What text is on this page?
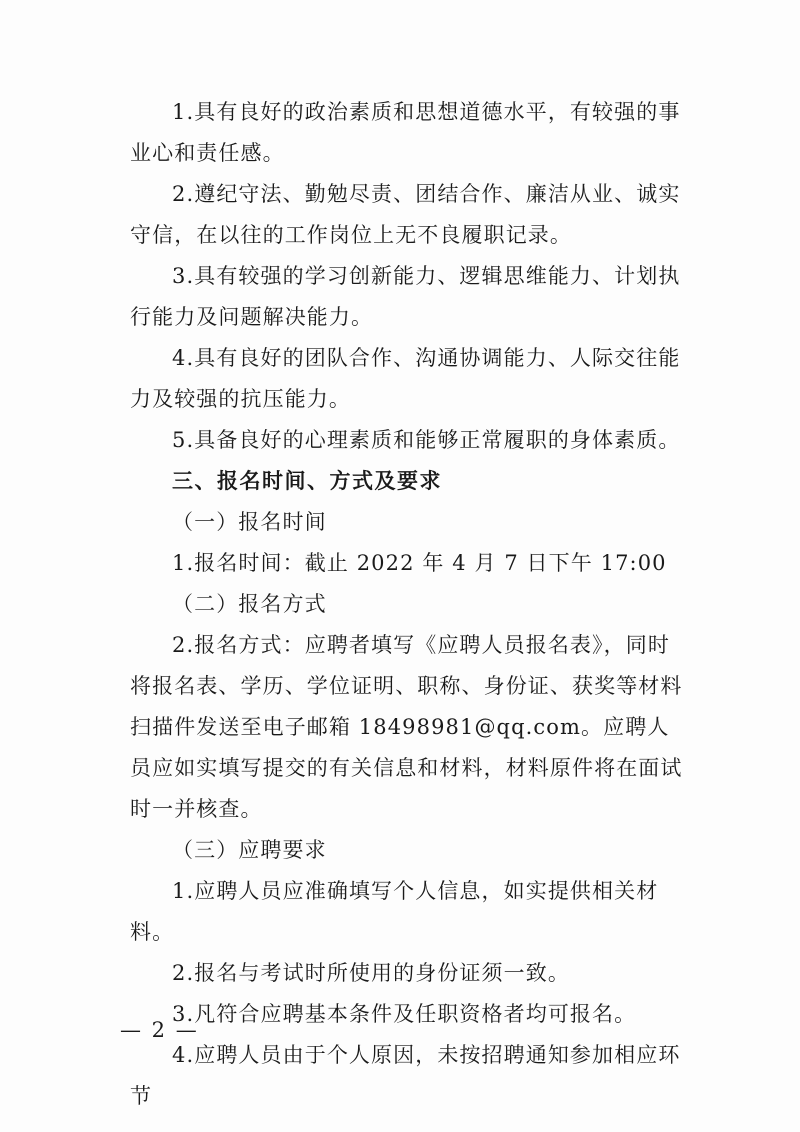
1.具有良好的政治素质和思想道德水平，有较强的事业心和责任感。

2.遵纪守法、勤勉尽责、团结合作、廉洁从业、诚实守信，在以往的工作岗位上无不良履职记录。

3.具有较强的学习创新能力、逻辑思维能力、计划执行能力及问题解决能力。

4.具有良好的团队合作、沟通协调能力、人际交往能力及较强的抗压能力。

5.具备良好的心理素质和能够正常履职的身体素质。

三、报名时间、方式及要求

（一）报名时间

1.报名时间：截止 2022 年 4 月 7 日下午 17:00

（二）报名方式

2.报名方式：应聘者填写《应聘人员报名表》，同时将报名表、学历、学位证明、职称、身份证、获奖等材料扫描件发送至电子邮箱 18498981@qq.com。应聘人员应如实填写提交的有关信息和材料，材料原件将在面试时一并核查。

（三）应聘要求

1.应聘人员应准确填写个人信息，如实提供相关材料。

2.报名与考试时所使用的身份证须一致。

3.凡符合应聘基本条件及任职资格者均可报名。

4.应聘人员由于个人原因，未按招聘通知参加相应环节

— 2 —
